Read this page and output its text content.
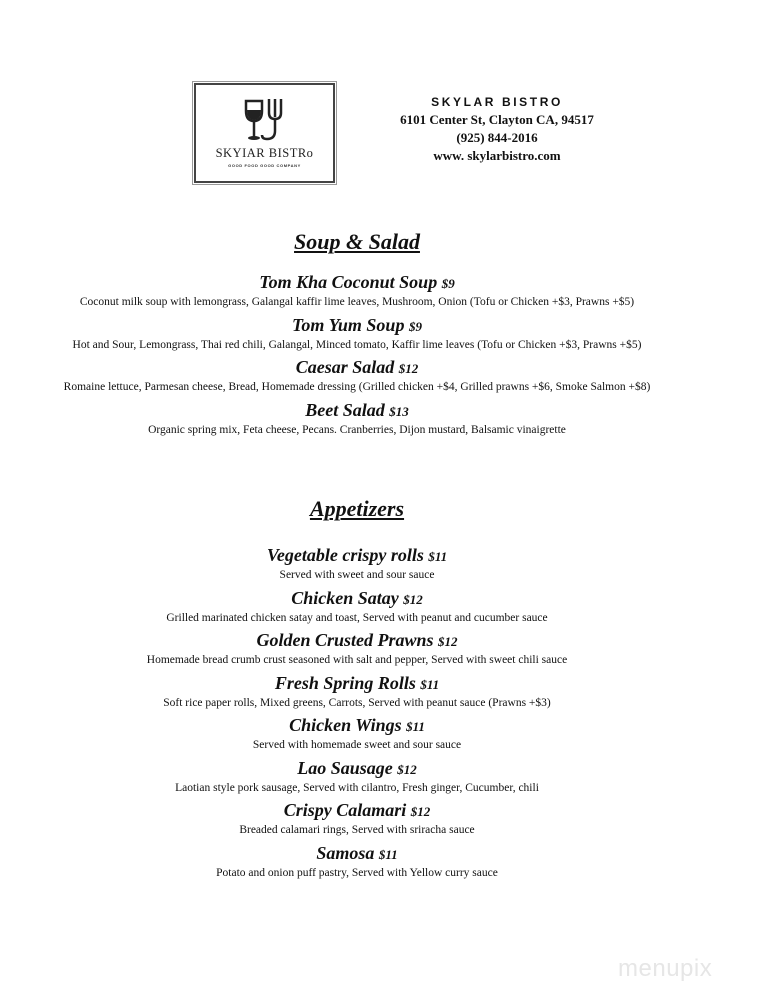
SKYIAR BISTRo
GOOD FOOD GOOD COMPANY
SKYLAR BISTRO
6101 Center St, Clayton CA, 94517
(925) 844-2016
www. skylarbistro.com
Soup & Salad
Tom Kha Coconut Soup $9
Coconut milk soup with lemongrass, Galangal kaffir lime leaves, Mushroom, Onion (Tofu or Chicken +$3, Prawns +$5)
Tom Yum Soup $9
Hot and Sour, Lemongrass, Thai red chili, Galangal, Minced tomato, Kaffir lime leaves (Tofu or Chicken +$3, Prawns +$5)
Caesar Salad $12
Romaine lettuce, Parmesan cheese, Bread, Homemade dressing (Grilled chicken +$4, Grilled prawns +$6, Smoke Salmon +$8)
Beet Salad $13
Organic spring mix, Feta cheese, Pecans. Cranberries, Dijon mustard, Balsamic vinaigrette
Appetizers
Vegetable crispy rolls $11
Served with sweet and sour sauce
Chicken Satay $12
Grilled marinated chicken satay and toast, Served with peanut and cucumber sauce
Golden Crusted Prawns $12
Homemade bread crumb crust seasoned with salt and pepper, Served with sweet chili sauce
Fresh Spring Rolls $11
Soft rice paper rolls, Mixed greens, Carrots, Served with peanut sauce (Prawns +$3)
Chicken Wings $11
Served with homemade sweet and sour sauce
Lao Sausage $12
Laotian style pork sausage, Served with cilantro, Fresh ginger, Cucumber, chili
Crispy Calamari $12
Breaded calamari rings, Served with sriracha sauce
Samosa $11
Potato and onion puff pastry, Served with Yellow curry sauce
menupix
